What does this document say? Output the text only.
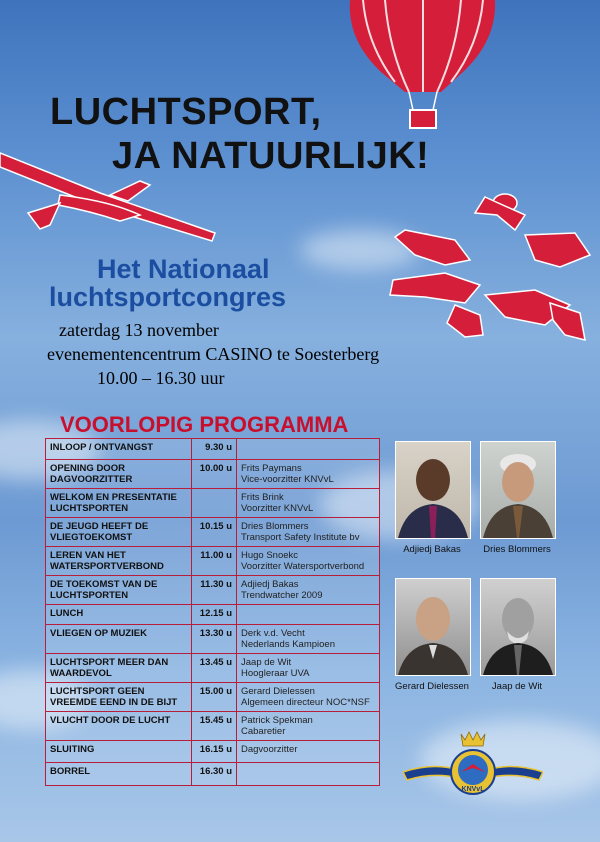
LUCHTSPORT,
JA NATUURLIJK!
Het Nationaal
luchtsportcongres
zaterdag 13 november
evenementencentrum CASINO te Soesterberg
10.00 – 16.30 uur
VOORLOPIG PROGRAMMA
INLOOP / ONTVANGST	9.30 u	

OPENING DOOR DAGVOORZITTER	10.00 u	Frits Paymans
Vice-voorzitter KNVvL

WELKOM EN PRESENTATIE LUCHTSPORTEN		Frits Brink
Voorzitter KNVvL

DE JEUGD HEEFT DE VLIEGTOEKOMST	10.15 u	Dries Blommers
Transport Safety Institute bv

LEREN VAN HET WATERSPORTVERBOND	11.00 u	Hugo Snoekc
Voorzitter Watersportverbond

DE TOEKOMST VAN DE LUCHTSPORTEN	11.30 u	Adjiedj Bakas
Trendwatcher 2009

LUNCH	12.15 u	

VLIEGEN OP MUZIEK	13.30 u	Derk v.d. Vecht
Nederlands Kampioen

LUCHTSPORT MEER DAN WAARDEVOL	13.45 u	Jaap de Wit
Hoogleraar UVA

LUCHTSPORT GEEN VREEMDE EEND IN DE BIJT	15.00 u	Gerard Dielessen
Algemeen directeur NOC*NSF

VLUCHT DOOR DE LUCHT	15.45 u	Patrick Spekman
Cabaretier

SLUITING	16.15 u	Dagvoorzitter

BORREL	16.30 u	
Adjiedj Bakas	Dries Blommers
Gerard Dielessen	Jaap de Wit
KNVvL
